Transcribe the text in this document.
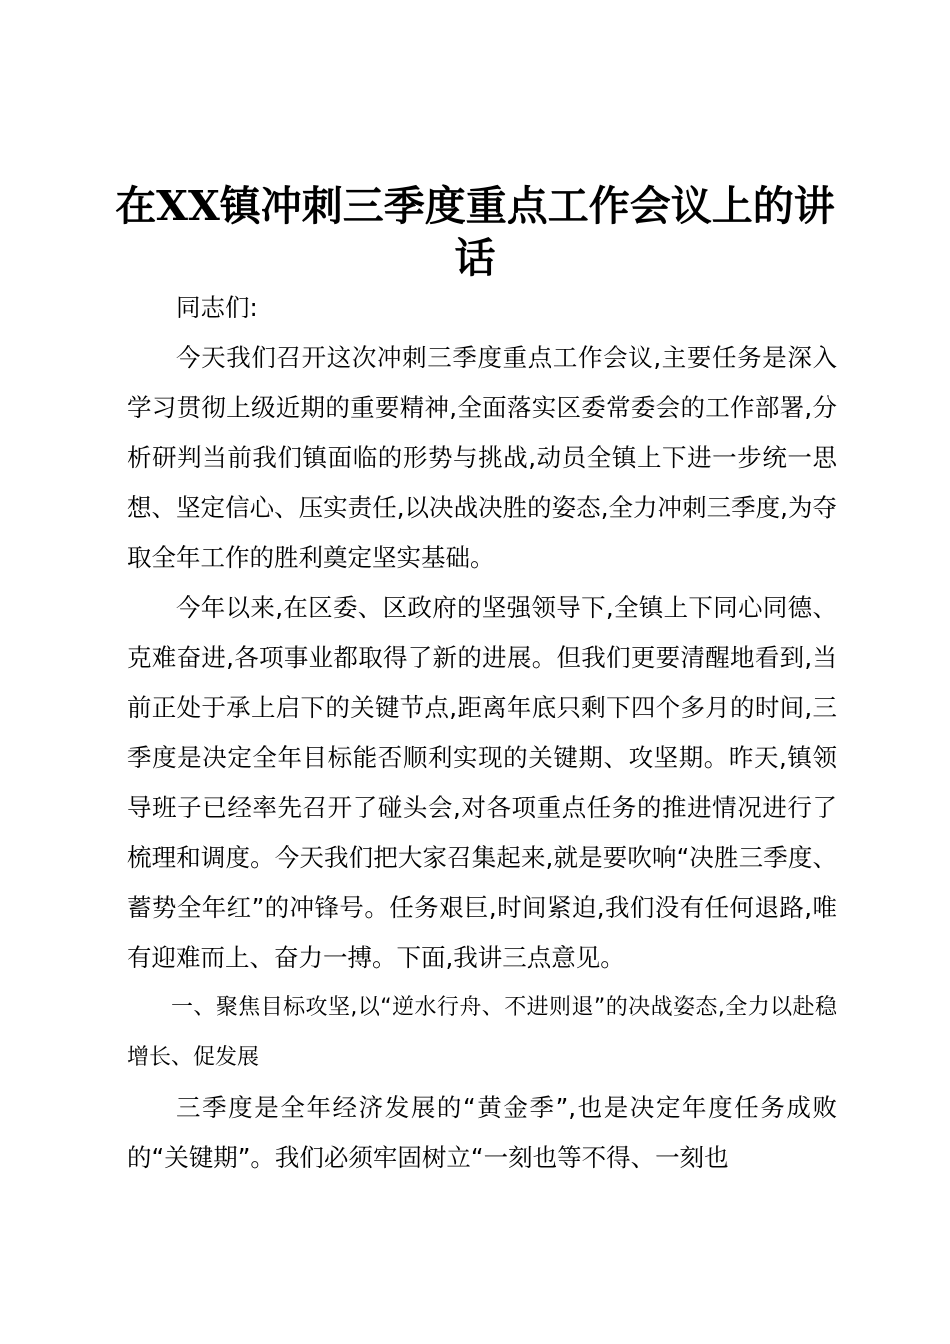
在XX镇冲刺三季度重点工作会议上的讲话

同志们:

今天我们召开这次冲刺三季度重点工作会议,主要任务是深入学习贯彻上级近期的重要精神,全面落实区委常委会的工作部署,分析研判当前我们镇面临的形势与挑战,动员全镇上下进一步统一思想、坚定信心、压实责任,以决战决胜的姿态,全力冲刺三季度,为夺取全年工作的胜利奠定坚实基础。

今年以来,在区委、区政府的坚强领导下,全镇上下同心同德、克难奋进,各项事业都取得了新的进展。但我们更要清醒地看到,当前正处于承上启下的关键节点,距离年底只剩下四个多月的时间,三季度是决定全年目标能否顺利实现的关键期、攻坚期。昨天,镇领导班子已经率先召开了碰头会,对各项重点任务的推进情况进行了梳理和调度。今天我们把大家召集起来,就是要吹响“决胜三季度、蓄势全年红”的冲锋号。任务艰巨,时间紧迫,我们没有任何退路,唯有迎难而上、奋力一搏。下面,我讲三点意见。

一、聚焦目标攻坚,以“逆水行舟、不进则退”的决战姿态,全力以赴稳增长、促发展

三季度是全年经济发展的“黄金季”,也是决定年度任务成败的“关键期”。我们必须牢固树立“一刻也等不得、一刻也
